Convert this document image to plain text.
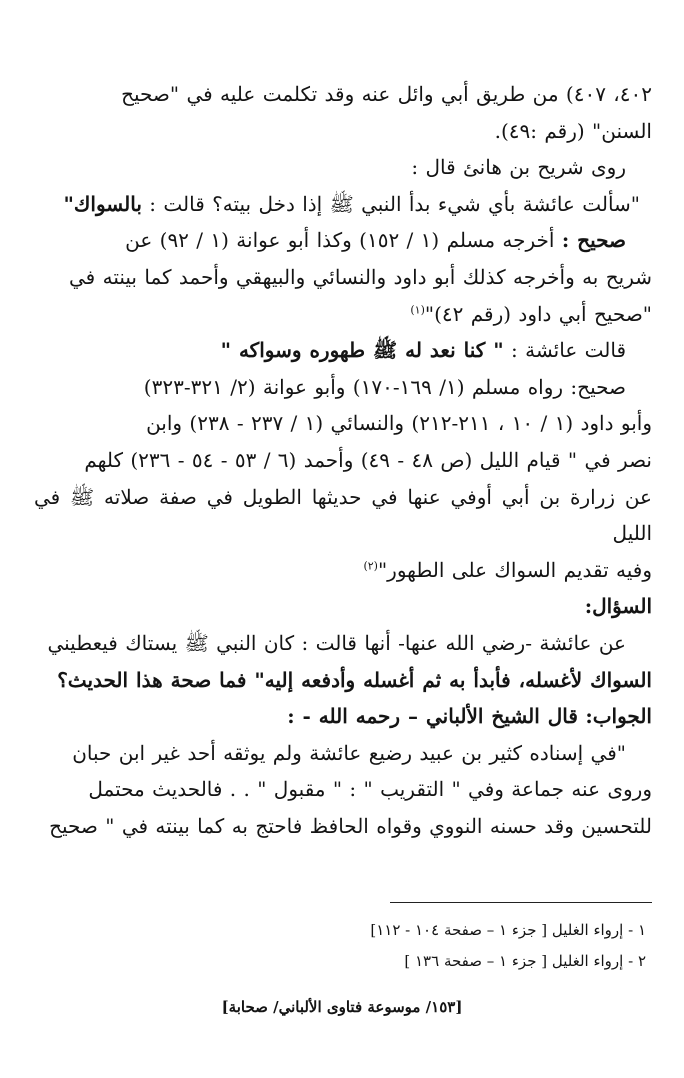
٤٠٢، ٤٠٧) من طريق أبي وائل عنه وقد تكلمت عليه في "صحيح

السنن" (رقم :٤٩).

روى شريح بن هانئ قال :

"سألت عائشة بأي شيء بدأ النبي ﷺ إذا دخل بيته؟ قالت : بالسواك"

صحيح : أخرجه مسلم (١ / ١٥٢) وكذا أبو عوانة (١ / ٩٢) عن

شريح به وأخرجه كذلك أبو داود والنسائي والبيهقي وأحمد كما بينته في

"صحيح أبي داود (رقم ٤٢)"$^{(١)}$

قالت عائشة : " كنا نعد له ﷺ طهوره وسواكه "

صحيح: رواه مسلم (١/ ١٦٩-١٧٠) وأبو عوانة (٢/ ٣٢١-٣٢٣)

وأبو داود (١ / ١٠ ، ٢١١-٢١٢) والنسائي (١ / ٢٣٧ - ٢٣٨) وابن

نصر في " قيام الليل (ص ٤٨ - ٤٩) وأحمد (٦ / ٥٣ - ٥٤ - ٢٣٦) كلهم

عن زرارة بن أبي أوفي عنها في حديثها الطويل في صفة صلاته ﷺ في الليل

وفيه تقديم السواك على الطهور"$^{(٢)}$

السؤال:

عن عائشة -رضي الله عنها- أنها قالت : كان النبي ﷺ يستاك فيعطيني

السواك لأغسله، فأبدأ به ثم أغسله وأدفعه إليه" فما صحة هذا الحديث؟

الجواب: قال الشيخ الألباني – رحمه الله - :

"في إسناده كثير بن عبيد رضيع عائشة ولم يوثقه أحد غير ابن حبان

وروى عنه جماعة وفي " التقريب " : " مقبول " . . فالحديث محتمل

للتحسين وقد حسنه النووي وقواه الحافظ فاحتج به كما بينته في " صحيح

١ - إرواء الغليل [ جزء ١ – صفحة ١٠٤ - ١١٢]

٢ - إرواء الغليل [ جزء ١ – صفحة ١٣٦ ]

[١٥٣/ موسوعة فتاوى الألباني/ صحابة]
